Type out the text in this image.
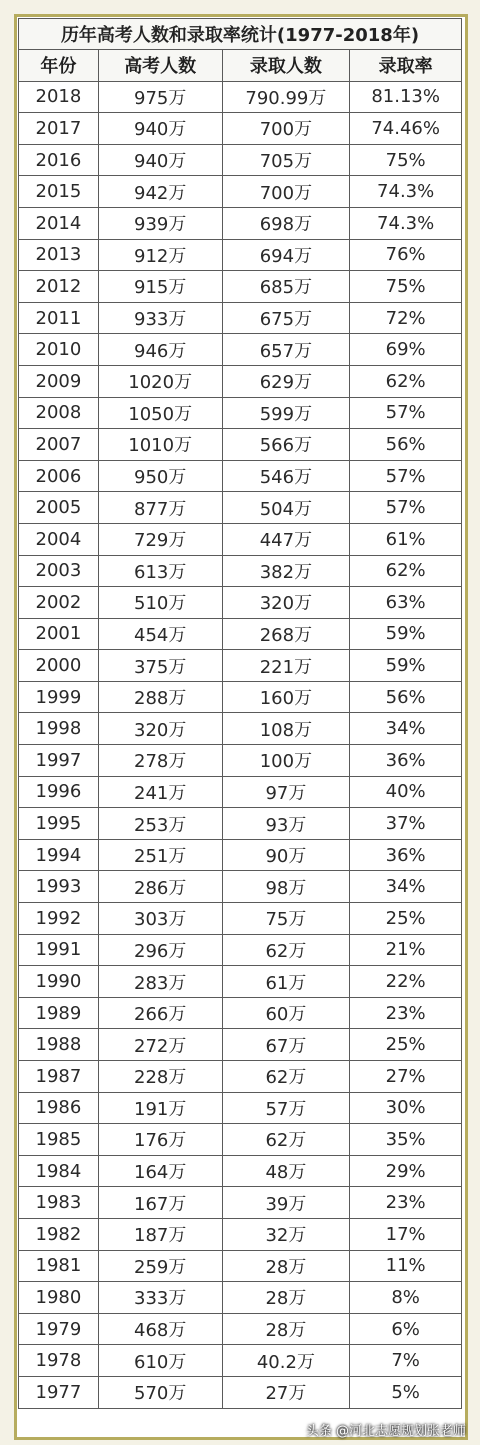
历年高考人数和录取率统计(1977-2018年)
年份	高考人数	录取人数	录取率
2018	975万	790.99万	81.13%
2017	940万	700万	74.46%
2016	940万	705万	75%
2015	942万	700万	74.3%
2014	939万	698万	74.3%
2013	912万	694万	76%
2012	915万	685万	75%
2011	933万	675万	72%
2010	946万	657万	69%
2009	1020万	629万	62%
2008	1050万	599万	57%
2007	1010万	566万	56%
2006	950万	546万	57%
2005	877万	504万	57%
2004	729万	447万	61%
2003	613万	382万	62%
2002	510万	320万	63%
2001	454万	268万	59%
2000	375万	221万	59%
1999	288万	160万	56%
1998	320万	108万	34%
1997	278万	100万	36%
1996	241万	97万	40%
1995	253万	93万	37%
1994	251万	90万	36%
1993	286万	98万	34%
1992	303万	75万	25%
1991	296万	62万	21%
1990	283万	61万	22%
1989	266万	60万	23%
1988	272万	67万	25%
1987	228万	62万	27%
1986	191万	57万	30%
1985	176万	62万	35%
1984	164万	48万	29%
1983	167万	39万	23%
1982	187万	32万	17%
1981	259万	28万	11%
1980	333万	28万	8%
1979	468万	28万	6%
1978	610万	40.2万	7%
1977	570万	27万	5%
头条 @河北志愿规划张老师
